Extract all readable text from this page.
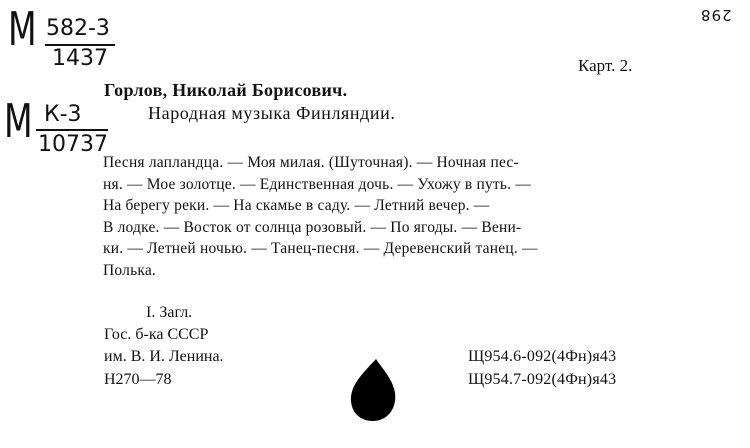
М 582-3
1437
М К-3
10737
298
Карт. 2.
Горлов, Николай Борисович.
Народная музыка Финляндии.
Песня лапландца. — Моя милая. (Шуточная). — Ночная пес-
ня. — Мое золотце. — Единственная дочь. — Ухожу в путь. —
На берегу реки. — На скамье в саду. — Летний вечер. —
В лодке. — Восток от солнца розовый. — По ягоды. — Вени-
ки. — Летней ночью. — Танец-песня. — Деревенский танец. —
Полька.
I. Загл.
Гос. б-ка СССР
им. В. И. Ленина.
Н270—78
Щ954.6-092(4Фн)я43
Щ954.7-092(4Фн)я43
